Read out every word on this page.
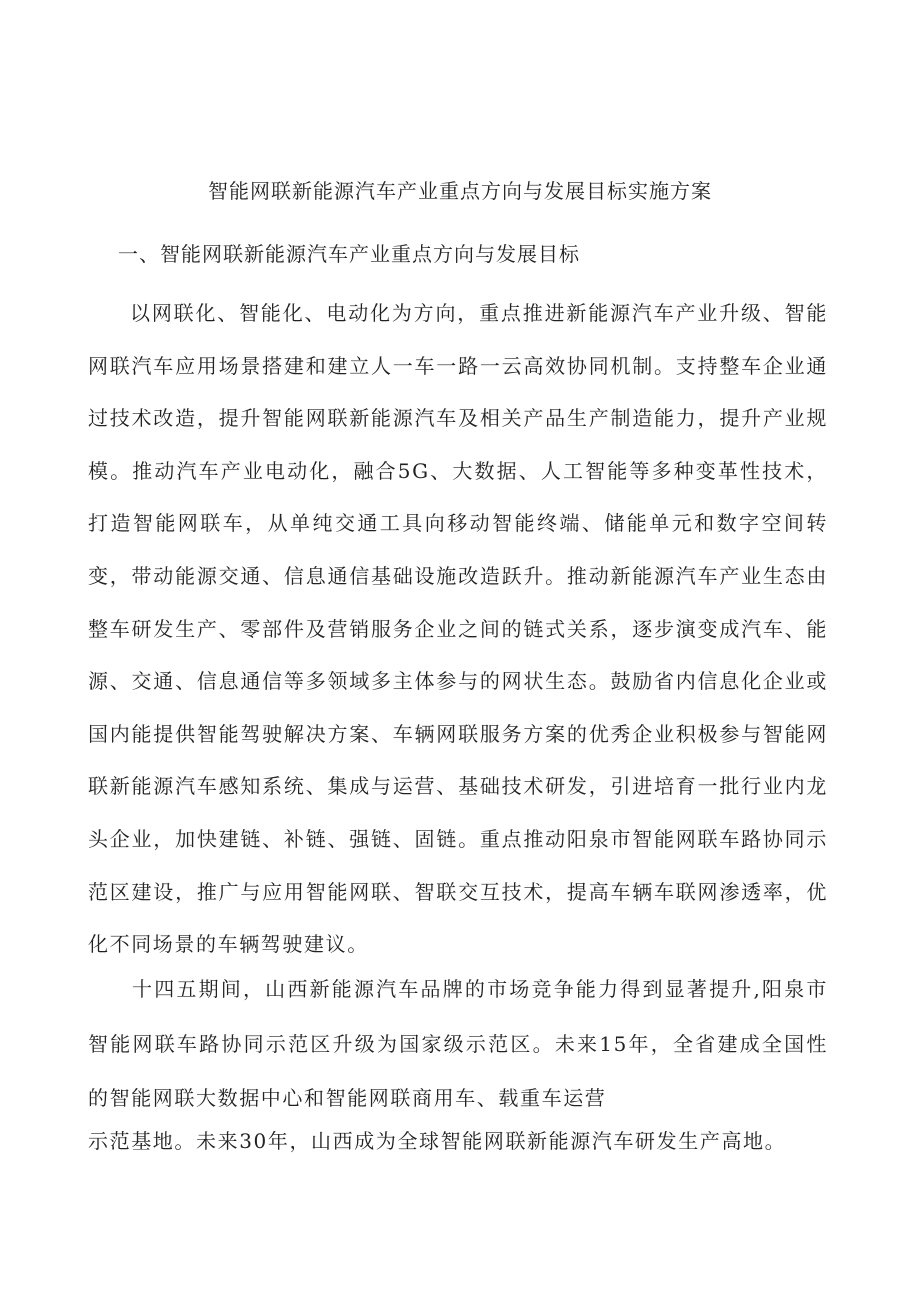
智能网联新能源汽车产业重点方向与发展目标实施方案
一、智能网联新能源汽车产业重点方向与发展目标

以网联化、智能化、电动化为方向，重点推进新能源汽车产业升级、智能网联汽车应用场景搭建和建立人一车一路一云高效协同机制。支持整车企业通过技术改造，提升智能网联新能源汽车及相关产品生产制造能力，提升产业规模。推动汽车产业电动化，融合5G、大数据、人工智能等多种变革性技术，打造智能网联车，从单纯交通工具向移动智能终端、储能单元和数字空间转变，带动能源交通、信息通信基础设施改造跃升。推动新能源汽车产业生态由整车研发生产、零部件及营销服务企业之间的链式关系，逐步演变成汽车、能源、交通、信息通信等多领域多主体参与的网状生态。鼓励省内信息化企业或国内能提供智能驾驶解决方案、车辆网联服务方案的优秀企业积极参与智能网联新能源汽车感知系统、集成与运营、基础技术研发，引进培育一批行业内龙头企业，加快建链、补链、强链、固链。重点推动阳泉市智能网联车路协同示范区建设，推广与应用智能网联、智联交互技术，提高车辆车联网渗透率，优化不同场景的车辆驾驶建议。

十四五期间，山西新能源汽车品牌的市场竞争能力得到显著提升,阳泉市智能网联车路协同示范区升级为国家级示范区。未来15年，全省建成全国性的智能网联大数据中心和智能网联商用车、载重车运营

示范基地。未来30年，山西成为全球智能网联新能源汽车研发生产高地。
